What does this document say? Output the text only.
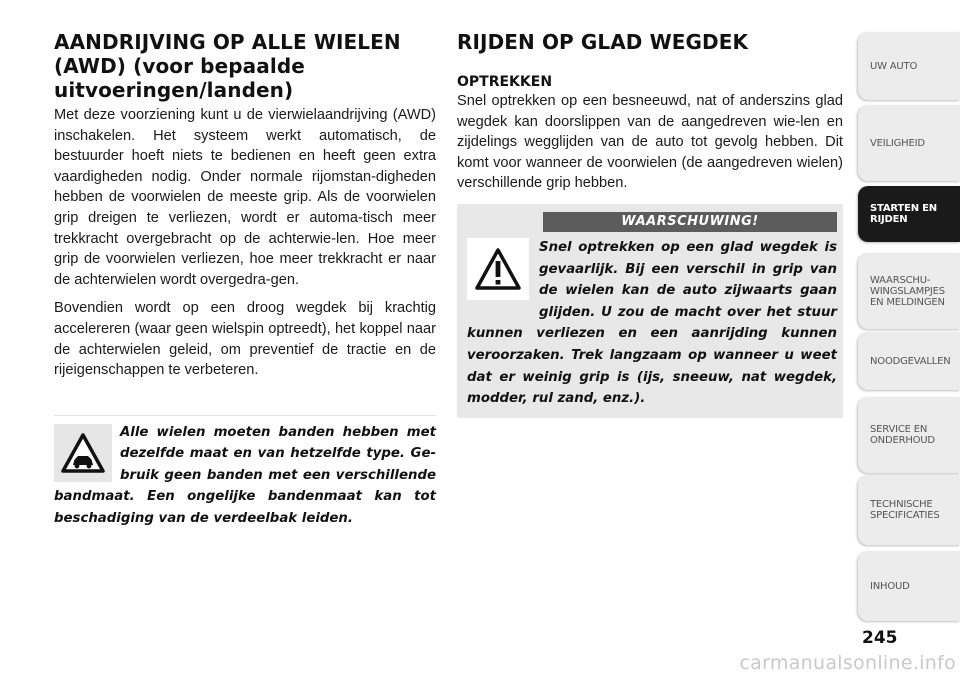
AANDRIJVING OP ALLE WIELEN (AWD) (voor bepaalde uitvoeringen/landen)

Met deze voorziening kunt u de vierwielaandrijving (AWD) inschakelen. Het systeem werkt automatisch, de bestuurder hoeft niets te bedienen en heeft geen extra vaardigheden nodig. Onder normale rijomstan-digheden hebben de voorwielen de meeste grip. Als de voorwielen grip dreigen te verliezen, wordt er automa-tisch meer trekkracht overgebracht op de achterwie-len. Hoe meer grip de voorwielen verliezen, hoe meer trekkracht er naar de achterwielen wordt overgedra-gen.

Bovendien wordt op een droog wegdek bij krachtig accelereren (waar geen wielspin optreedt), het koppel naar de achterwielen geleid, om preventief de tractie en de rijeigenschappen te verbeteren.

Alle wielen moeten banden hebben met dezelfde maat en van hetzelfde type. Ge-bruik geen banden met een verschillende bandmaat. Een ongelijke bandenmaat kan tot beschadiging van de verdeelbak leiden.

RIJDEN OP GLAD WEGDEK
OPTREKKEN

Snel optrekken op een besneeuwd, nat of anderszins glad wegdek kan doorslippen van de aangedreven wie-len en zijdelings wegglijden van de auto tot gevolg hebben. Dit komt voor wanneer de voorwielen (de aangedreven wielen) verschillende grip hebben.

WAARSCHUWING!

Snel optrekken op een glad wegdek is gevaarlijk. Bij een verschil in grip van de wielen kan de auto zijwaarts gaan glijden. U zou de macht over het stuur kunnen verliezen en een aanrijding kunnen veroorzaken. Trek langzaam op wanneer u weet dat er weinig grip is (ijs, sneeuw, nat wegdek, modder, rul zand, enz.).

UW AUTO
VEILIGHEID
STARTEN EN
RIJDEN
WAARSCHU-
WINGSLAMPJES
EN MELDINGEN
NOODGEVALLEN
SERVICE EN
ONDERHOUD
TECHNISCHE
SPECIFICATIES
INHOUD
245
carmanualsonline.info
